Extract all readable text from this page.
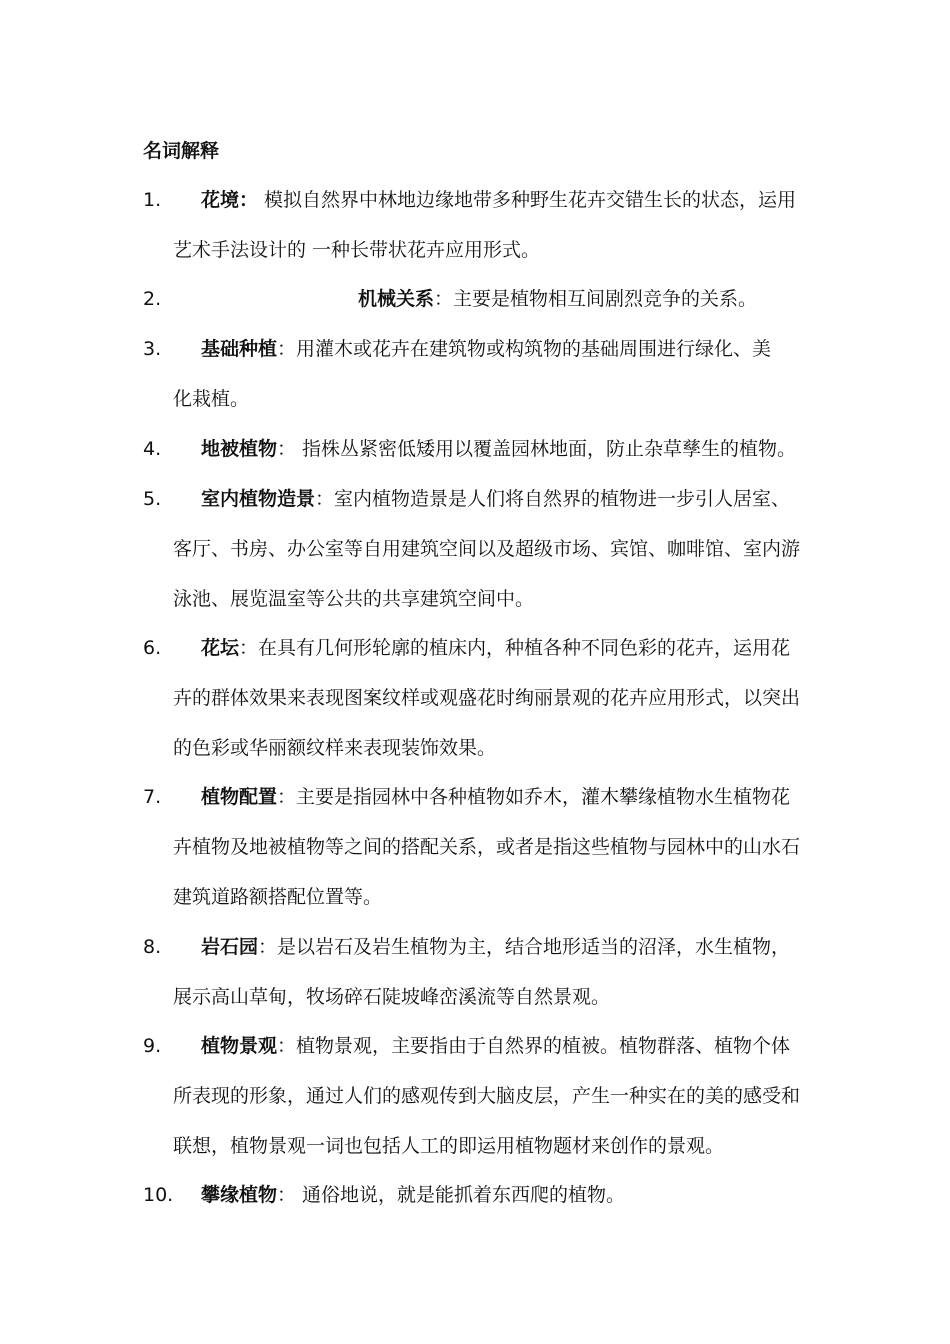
名词解释
1. 花境： 模拟自然界中林地边缘地带多种野生花卉交错生长的状态，运用
艺术手法设计的 一种长带状花卉应用形式。
2.	机械关系：主要是植物相互间剧烈竞争的关系。
3. 基础种植：用灌木或花卉在建筑物或构筑物的基础周围进行绿化、美
化栽植。
4. 地被植物： 指株丛紧密低矮用以覆盖园林地面，防止杂草孳生的植物。
5. 室内植物造景：室内植物造景是人们将自然界的植物进一步引人居室、
客厅、书房、办公室等自用建筑空间以及超级市场、宾馆、咖啡馆、室内游
泳池、展览温室等公共的共享建筑空间中。
6. 花坛：在具有几何形轮廓的植床内，种植各种不同色彩的花卉，运用花
卉的群体效果来表现图案纹样或观盛花时绚丽景观的花卉应用形式，以突出
的色彩或华丽额纹样来表现装饰效果。
7. 植物配置：主要是指园林中各种植物如乔木，灌木攀缘植物水生植物花
卉植物及地被植物等之间的搭配关系，或者是指这些植物与园林中的山水石
建筑道路额搭配位置等。
8. 岩石园：是以岩石及岩生植物为主，结合地形适当的沼泽，水生植物，
展示高山草甸，牧场碎石陡坡峰峦溪流等自然景观。
9. 植物景观：植物景观，主要指由于自然界的植被。植物群落、植物个体
所表现的形象，通过人们的感观传到大脑皮层，产生一种实在的美的感受和
联想，植物景观一词也包括人工的即运用植物题材来创作的景观。
10. 攀缘植物： 通俗地说，就是能抓着东西爬的植物。
